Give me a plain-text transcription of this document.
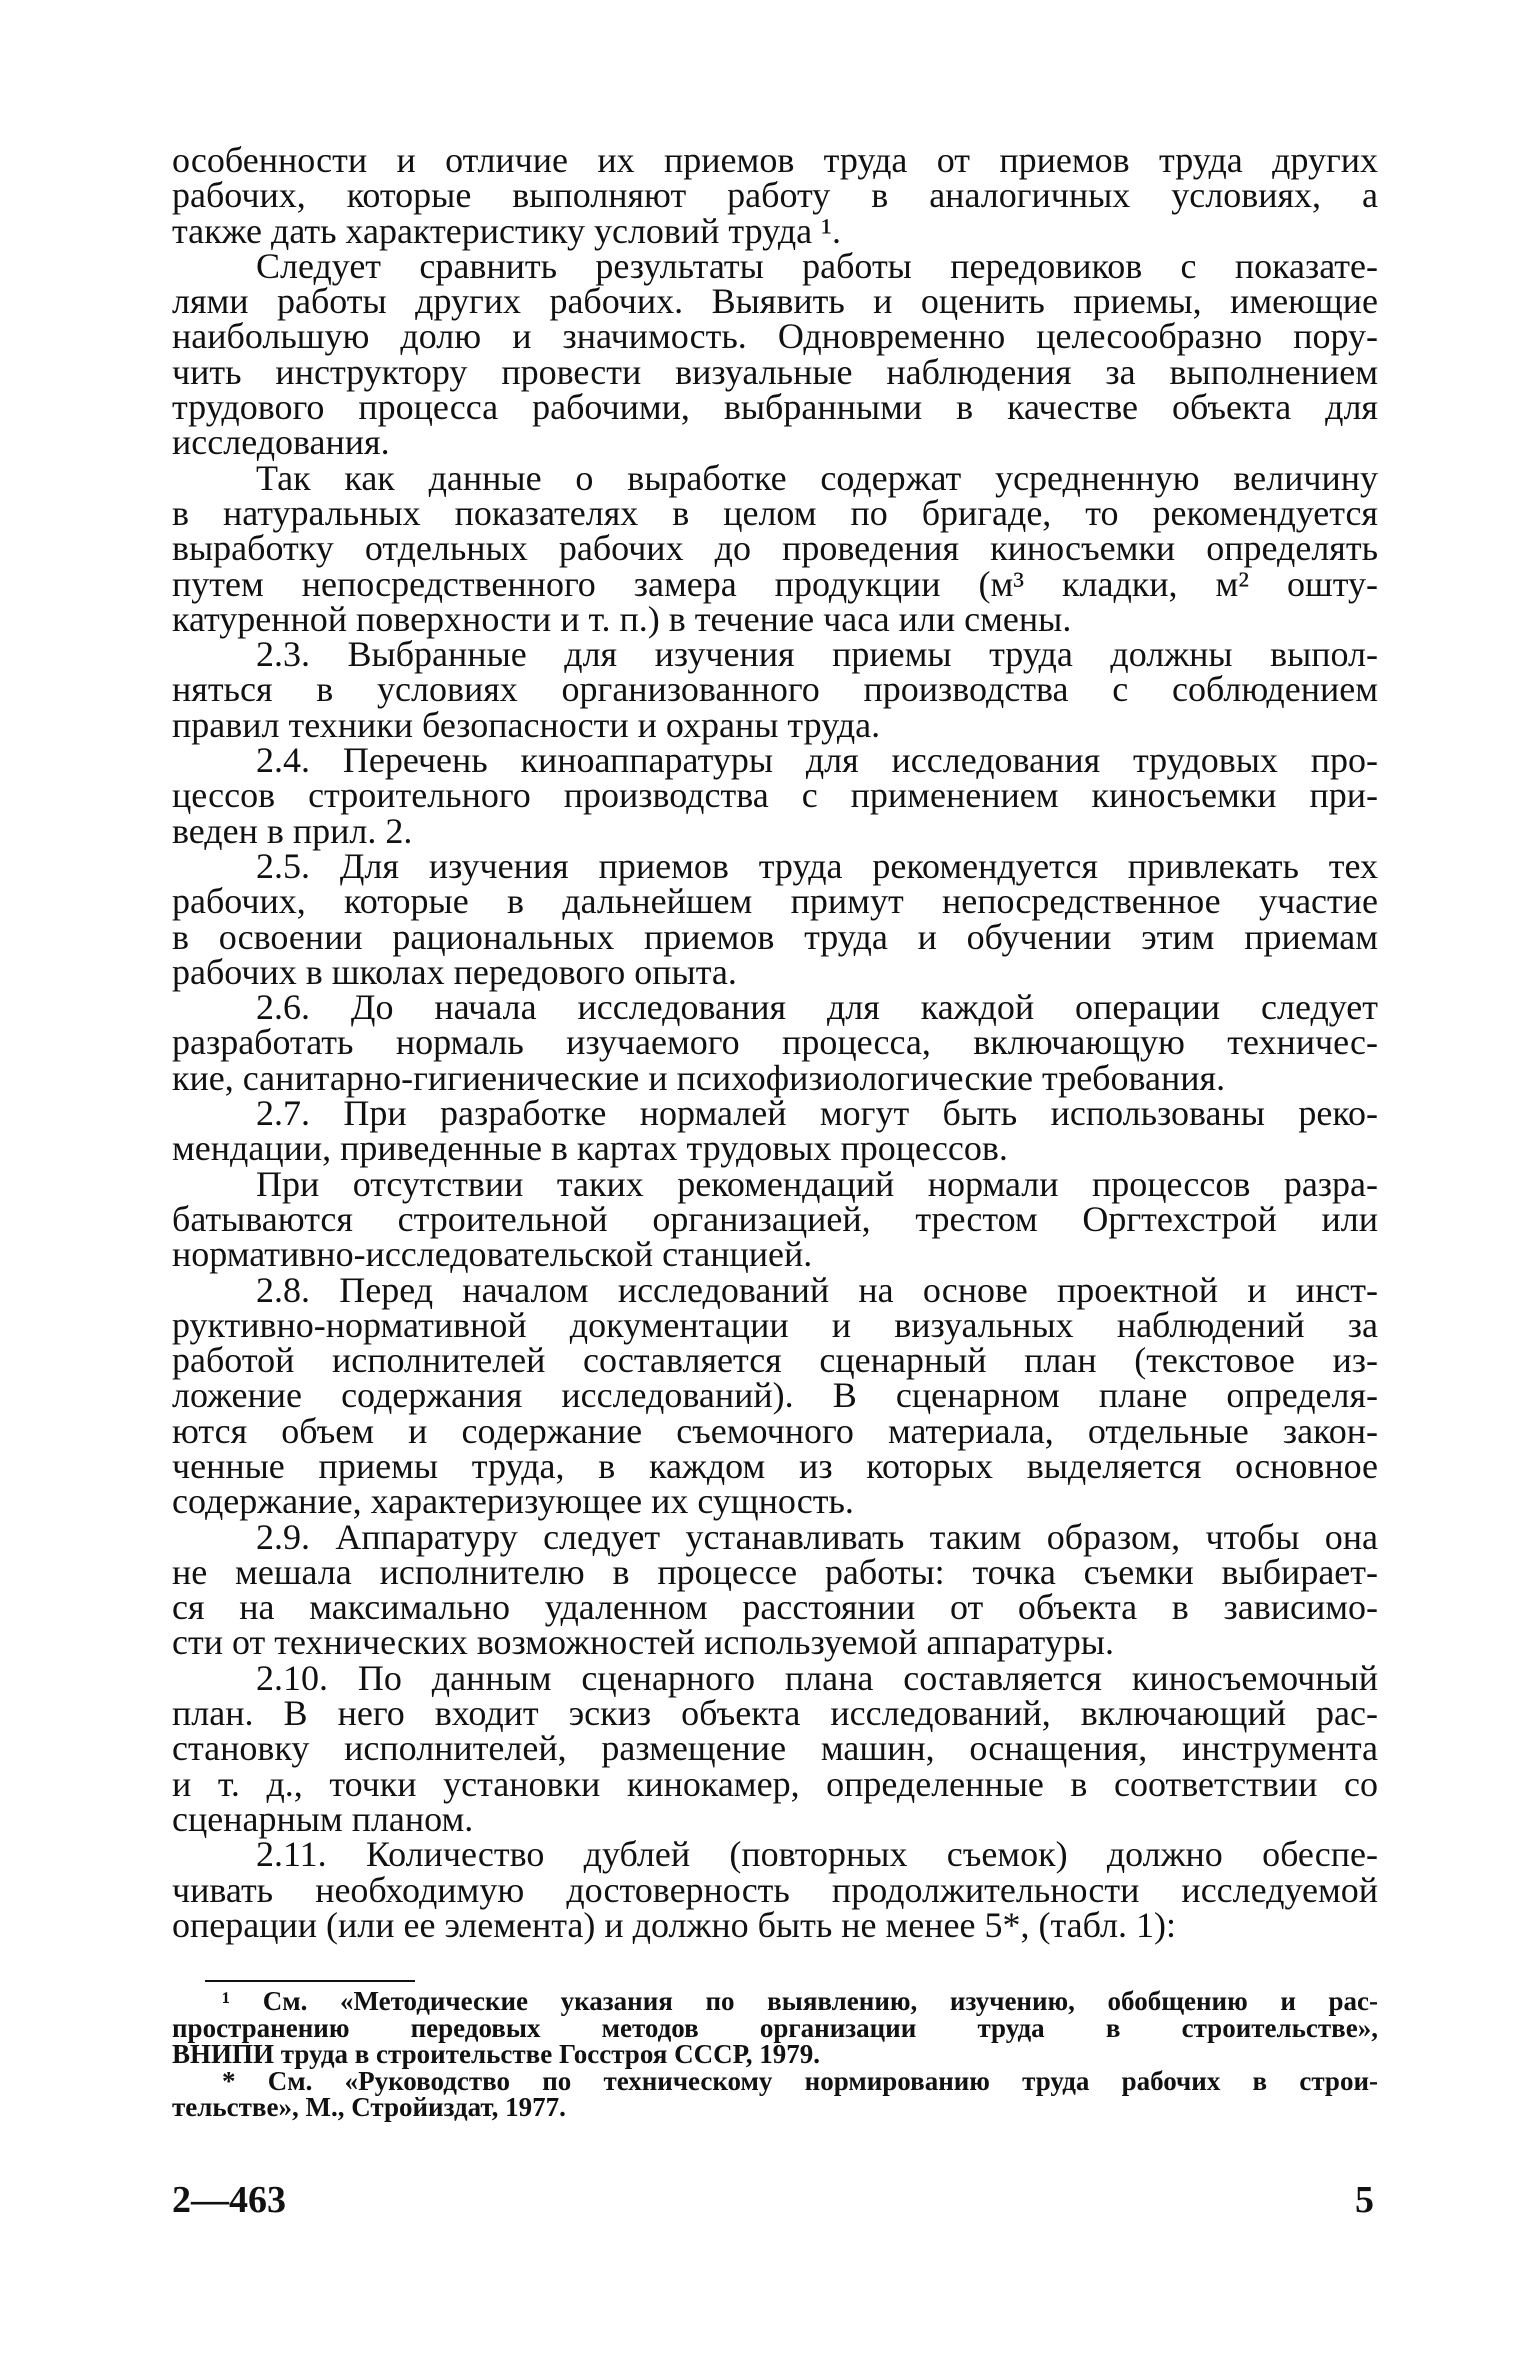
особенности и отличие их приемов труда от приемов труда других
рабочих, которые выполняют работу в аналогичных условиях, а
также дать характеристику условий труда ¹.
Следует сравнить результаты работы передовиков с показате-
лями работы других рабочих. Выявить и оценить приемы, имеющие
наибольшую долю и значимость. Одновременно целесообразно пору-
чить инструктору провести визуальные наблюдения за выполнением
трудового процесса рабочими, выбранными в качестве объекта для
исследования.
Так как данные о выработке содержат усредненную величину
в натуральных показателях в целом по бригаде, то рекомендуется
выработку отдельных рабочих до проведения киносъемки определять
путем непосредственного замера продукции (м³ кладки, м² ошту-
катуренной поверхности и т. п.) в течение часа или смены.
2.3. Выбранные для изучения приемы труда должны выпол-
няться в условиях организованного производства с соблюдением
правил техники безопасности и охраны труда.
2.4. Перечень киноаппаратуры для исследования трудовых про-
цессов строительного производства с применением киносъемки при-
веден в прил. 2.
2.5. Для изучения приемов труда рекомендуется привлекать тех
рабочих, которые в дальнейшем примут непосредственное участие
в освоении рациональных приемов труда и обучении этим приемам
рабочих в школах передового опыта.
2.6. До начала исследования для каждой операции следует
разработать нормаль изучаемого процесса, включающую техничес-
кие, санитарно-гигиенические и психофизиологические требования.
2.7. При разработке нормалей могут быть использованы реко-
мендации, приведенные в картах трудовых процессов.
При отсутствии таких рекомендаций нормали процессов разра-
батываются строительной организацией, трестом Оргтехстрой или
нормативно-исследовательской станцией.
2.8. Перед началом исследований на основе проектной и инст-
руктивно-нормативной документации и визуальных наблюдений за
работой исполнителей составляется сценарный план (текстовое из-
ложение содержания исследований). В сценарном плане определя-
ются объем и содержание съемочного материала, отдельные закон-
ченные приемы труда, в каждом из которых выделяется основное
содержание, характеризующее их сущность.
2.9. Аппаратуру следует устанавливать таким образом, чтобы она
не мешала исполнителю в процессе работы: точка съемки выбирает-
ся на максимально удаленном расстоянии от объекта в зависимо-
сти от технических возможностей используемой аппаратуры.
2.10. По данным сценарного плана составляется киносъемочный
план. В него входит эскиз объекта исследований, включающий рас-
становку исполнителей, размещение машин, оснащения, инструмента
и т. д., точки установки кинокамер, определенные в соответствии со
сценарным планом.
2.11. Количество дублей (повторных съемок) должно обеспе-
чивать необходимую достоверность продолжительности исследуемой
операции (или ее элемента) и должно быть не менее 5*, (табл. 1):
¹ См. «Методические указания по выявлению, изучению, обобщению и рас-
пространению передовых методов организации труда в строительстве»,
ВНИПИ труда в строительстве Госстроя СССР, 1979.
* См. «Руководство по техническому нормированию труда рабочих в строи-
тельстве», М., Стройиздат, 1977.
2—463	5
